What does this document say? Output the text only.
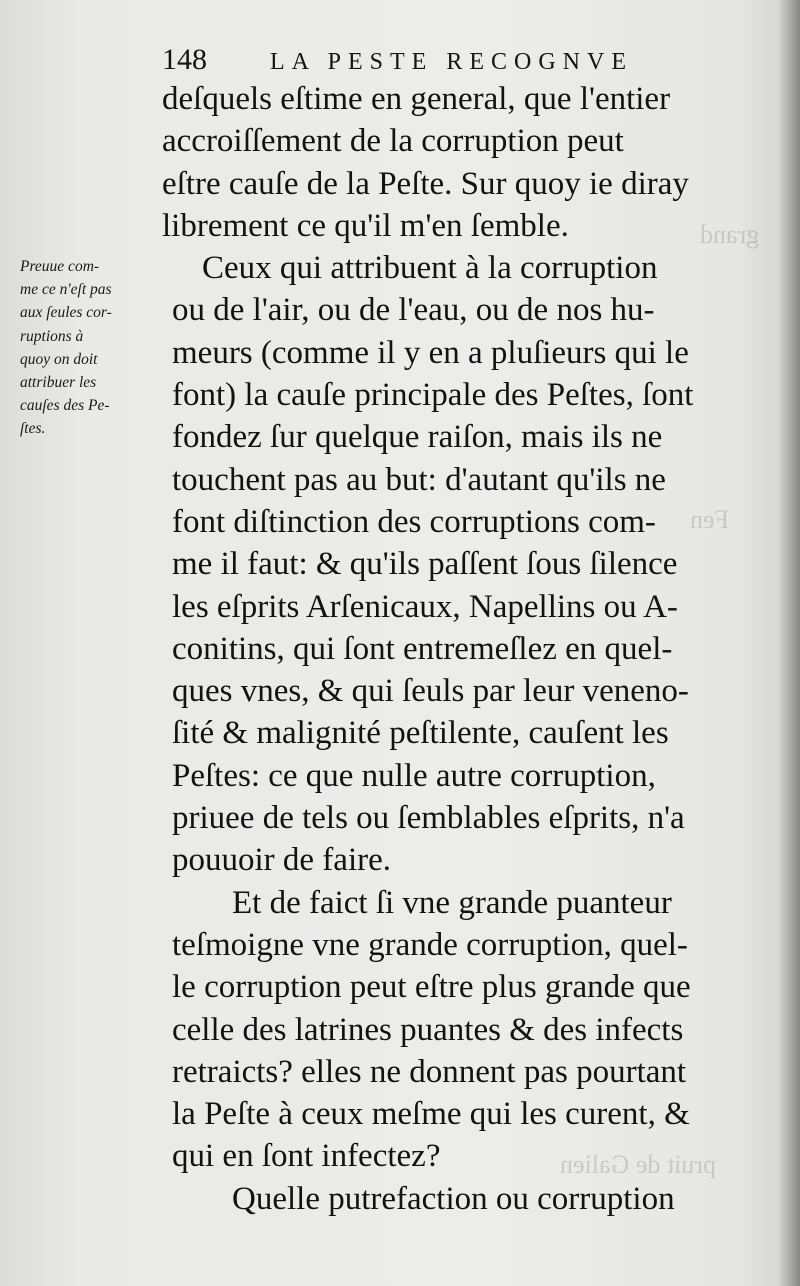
grand
Fen
pruit de Galien
148	LA PESTE RECOGNVE
Preuue com-
me ce n'eſt pas
aux ſeules cor-
ruptions à
quoy on doit
attribuer les
cauſes des Pe-
ſtes.
deſquels eſtime en general, que l'entier
accroiſſement de la corruption peut
eſtre cauſe de la Peſte. Sur quoy ie diray
librement ce qu'il m'en ſemble.
Ceux qui attribuent à la corruption
ou de l'air, ou de l'eau, ou de nos hu-
meurs (comme il y en a pluſieurs qui le
font) la cauſe principale des Peſtes, ſont
fondez ſur quelque raiſon, mais ils ne
touchent pas au but: d'autant qu'ils ne
font diſtinction des corruptions com-
me il faut: & qu'ils paſſent ſous ſilence
les eſprits Arſenicaux, Napellins ou A-
conitins, qui ſont entremeſlez en quel-
ques vnes, & qui ſeuls par leur veneno-
ſité & malignité peſtilente, cauſent les
Peſtes: ce que nulle autre corruption,
priuee de tels ou ſemblables eſprits, n'a
pouuoir de faire.
Et de faict ſi vne grande puanteur
teſmoigne vne grande corruption, quel-
le corruption peut eſtre plus grande que
celle des latrines puantes & des infects
retraicts? elles ne donnent pas pourtant
la Peſte à ceux meſme qui les curent, &
qui en ſont infectez?
Quelle putrefaction ou corruption
